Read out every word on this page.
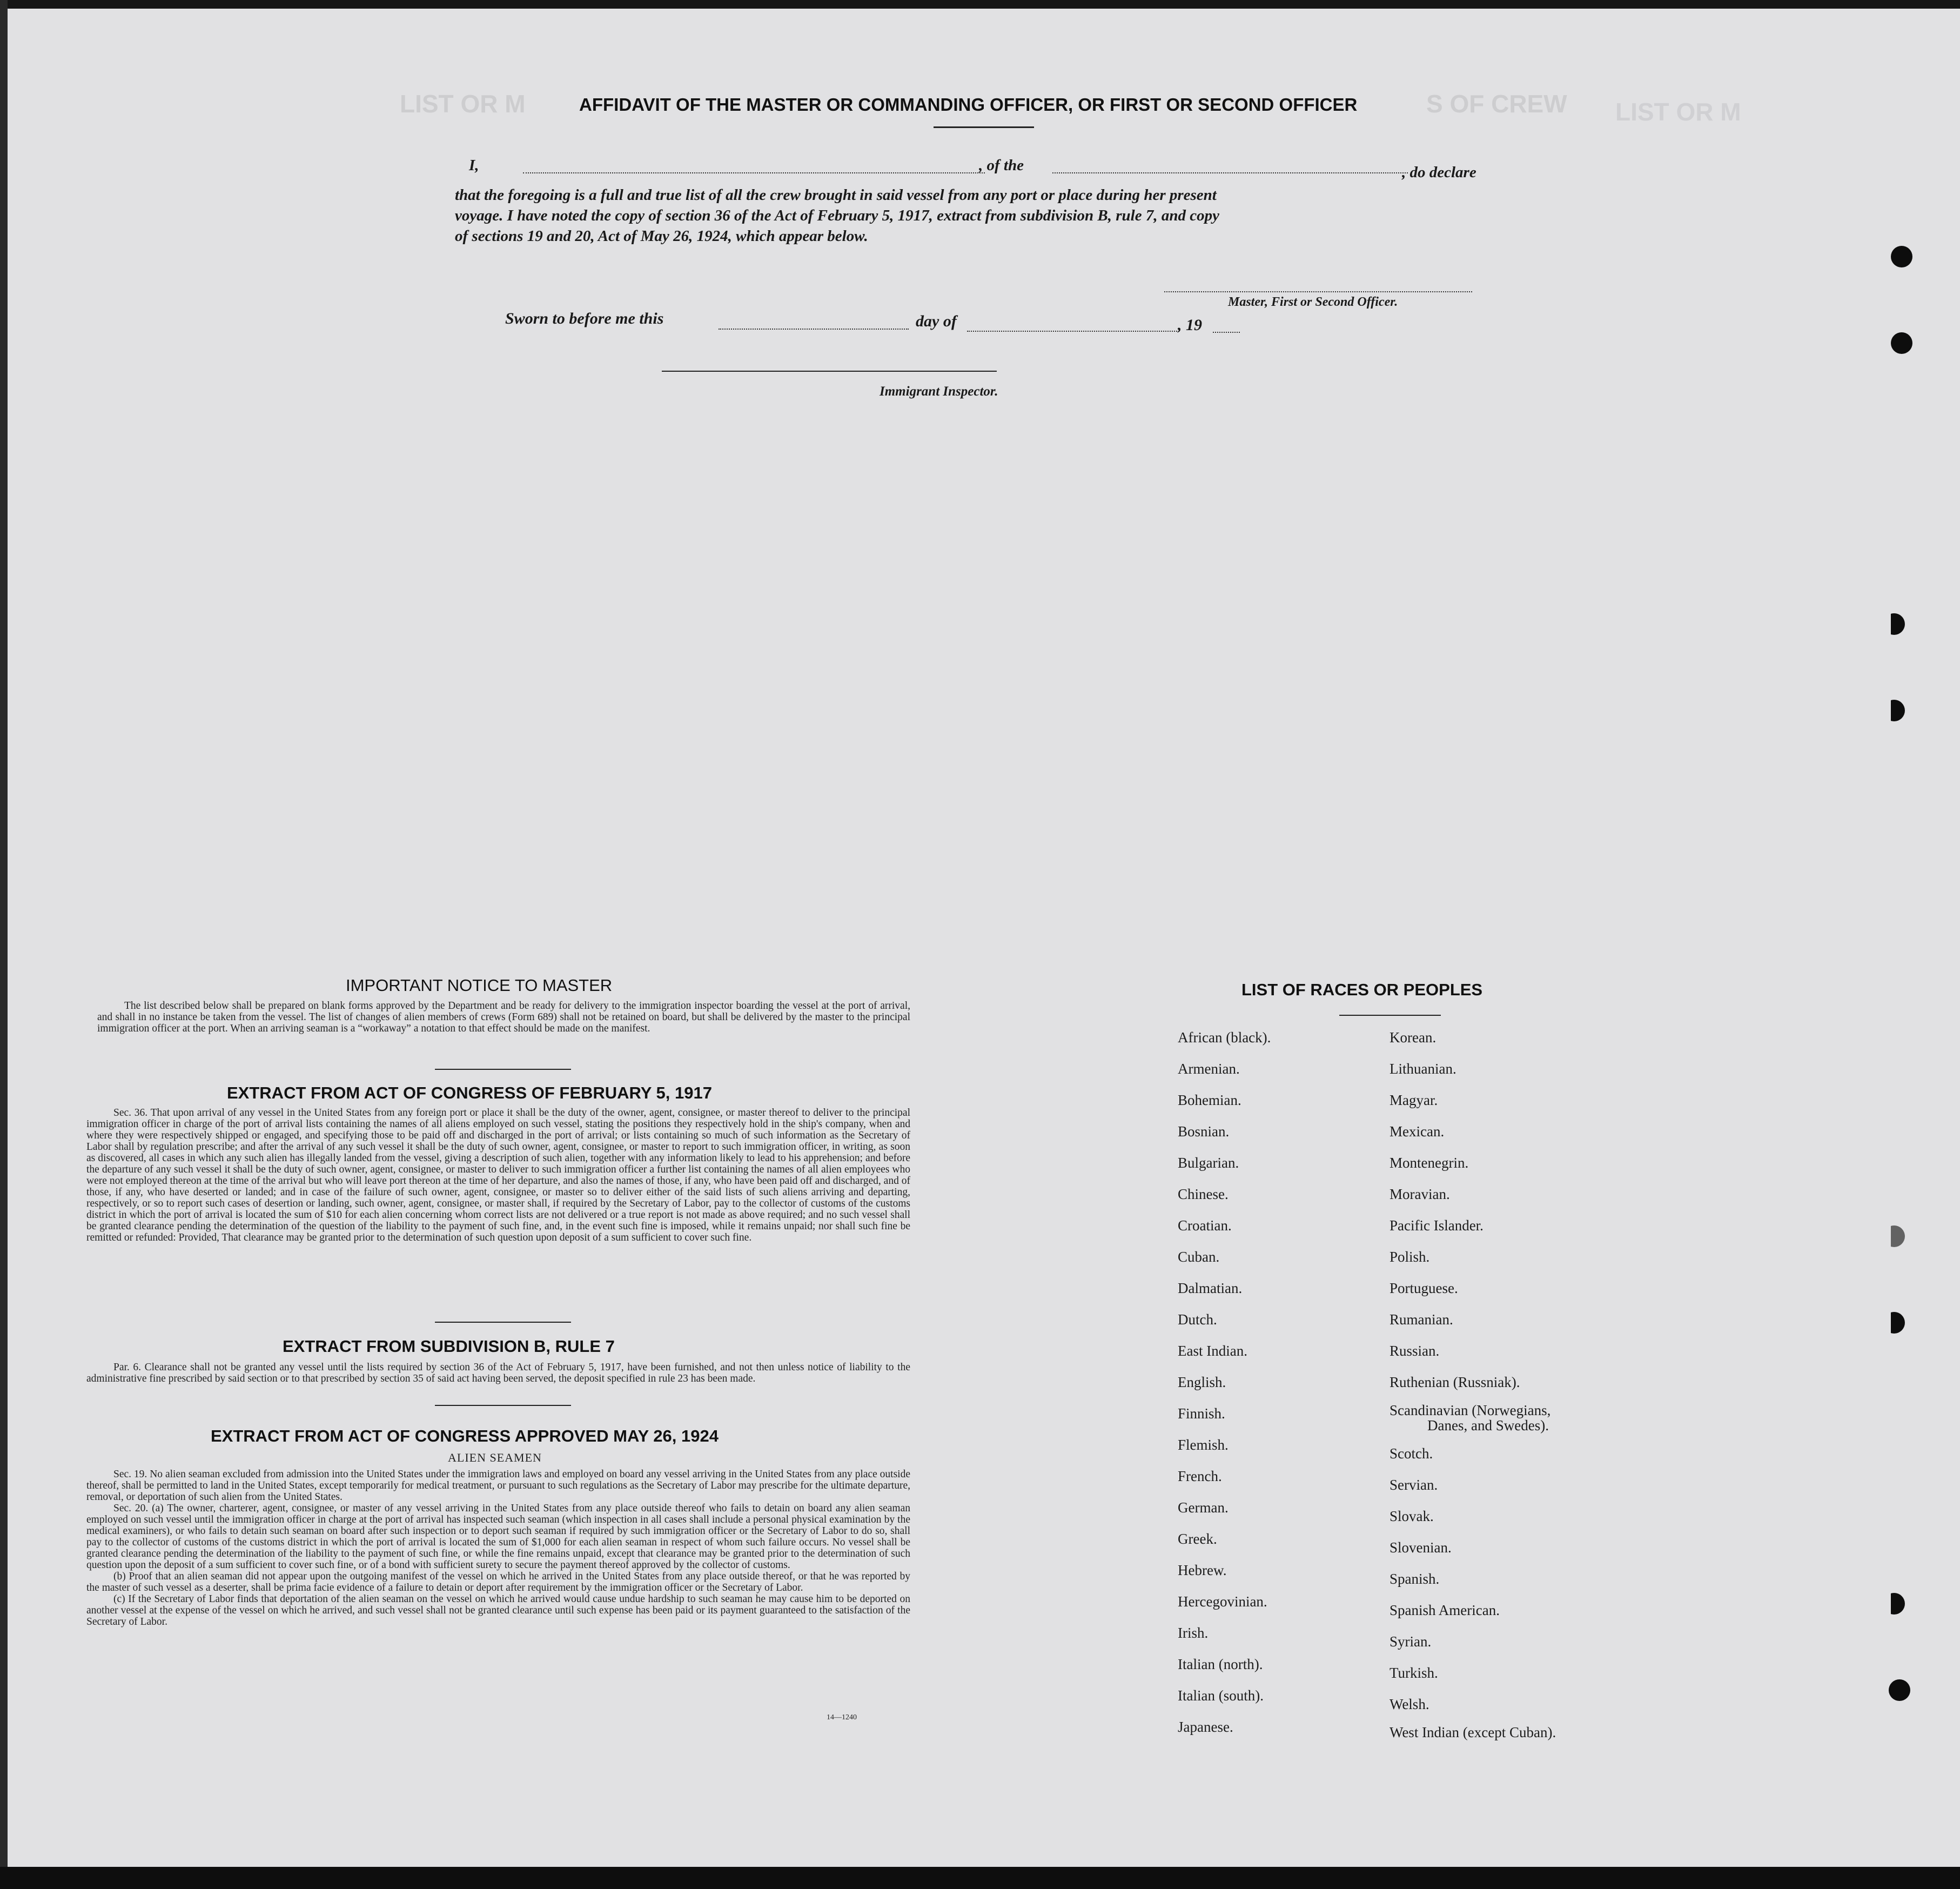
LIST OR M	S OF CREW LIST OR M
AFFIDAVIT OF THE MASTER OR COMMANDING OFFICER, OR FIRST OR SECOND OFFICER
I,	, of the	, do declare
that the foregoing is a full and true list of all the crew brought in said vessel from any port or place during her present
voyage. I have noted the copy of section 36 of the Act of February 5, 1917, extract from subdivision B, rule 7, and copy
of sections 19 and 20, Act of May 26, 1924, which appear below.
Master, First or Second Officer.
Sworn to before me this	day of	, 19
Immigrant Inspector.
IMPORTANT NOTICE TO MASTER

The list described below shall be prepared on blank forms approved by the Department and be ready for delivery to the immigration inspector boarding the vessel at the port of arrival, and shall in no instance be taken from the vessel. The list of changes of alien members of crews (Form 689) shall not be retained on board, but shall be delivered by the master to the principal immigration officer at the port. When an arriving seaman is a “workaway” a notation to that effect should be made on the manifest.

EXTRACT FROM ACT OF CONGRESS OF FEBRUARY 5, 1917

Sec. 36. That upon arrival of any vessel in the United States from any foreign port or place it shall be the duty of the owner, agent, consignee, or master thereof to deliver to the principal immigration officer in charge of the port of arrival lists containing the names of all aliens employed on such vessel, stating the positions they respectively hold in the ship's company, when and where they were respectively shipped or engaged, and specifying those to be paid off and discharged in the port of arrival; or lists containing so much of such information as the Secretary of Labor shall by regulation prescribe; and after the arrival of any such vessel it shall be the duty of such owner, agent, consignee, or master to report to such immigration officer, in writing, as soon as discovered, all cases in which any such alien has illegally landed from the vessel, giving a description of such alien, together with any information likely to lead to his apprehension; and before the departure of any such vessel it shall be the duty of such owner, agent, consignee, or master to deliver to such immigration officer a further list containing the names of all alien employees who were not employed thereon at the time of the arrival but who will leave port thereon at the time of her departure, and also the names of those, if any, who have been paid off and discharged, and of those, if any, who have deserted or landed; and in case of the failure of such owner, agent, consignee, or master so to deliver either of the said lists of such aliens arriving and departing, respectively, or so to report such cases of desertion or landing, such owner, agent, consignee, or master shall, if required by the Secretary of Labor, pay to the collector of customs of the customs district in which the port of arrival is located the sum of $10 for each alien concerning whom correct lists are not delivered or a true report is not made as above required; and no such vessel shall be granted clearance pending the determination of the question of the liability to the payment of such fine, and, in the event such fine is imposed, while it remains unpaid; nor shall such fine be remitted or refunded: Provided, That clearance may be granted prior to the determination of such question upon deposit of a sum sufficient to cover such fine.

EXTRACT FROM SUBDIVISION B, RULE 7

Par. 6. Clearance shall not be granted any vessel until the lists required by section 36 of the Act of February 5, 1917, have been furnished, and not then unless notice of liability to the administrative fine prescribed by said section or to that prescribed by section 35 of said act having been served, the deposit specified in rule 23 has been made.

EXTRACT FROM ACT OF CONGRESS APPROVED MAY 26, 1924
ALIEN SEAMEN

Sec. 19. No alien seaman excluded from admission into the United States under the immigration laws and employed on board any vessel arriving in the United States from any place outside thereof, shall be permitted to land in the United States, except temporarily for medical treatment, or pursuant to such regulations as the Secretary of Labor may prescribe for the ultimate departure, removal, or deportation of such alien from the United States.

Sec. 20. (a) The owner, charterer, agent, consignee, or master of any vessel arriving in the United States from any place outside thereof who fails to detain on board any alien seaman employed on such vessel until the immigration officer in charge at the port of arrival has inspected such seaman (which inspection in all cases shall include a personal physical examination by the medical examiners), or who fails to detain such seaman on board after such inspection or to deport such seaman if required by such immigration officer or the Secretary of Labor to do so, shall pay to the collector of customs of the customs district in which the port of arrival is located the sum of $1,000 for each alien seaman in respect of whom such failure occurs. No vessel shall be granted clearance pending the determination of the liability to the payment of such fine, or while the fine remains unpaid, except that clearance may be granted prior to the determination of such question upon the deposit of a sum sufficient to cover such fine, or of a bond with sufficient surety to secure the payment thereof approved by the collector of customs.

(b) Proof that an alien seaman did not appear upon the outgoing manifest of the vessel on which he arrived in the United States from any place outside thereof, or that he was reported by the master of such vessel as a deserter, shall be prima facie evidence of a failure to detain or deport after requirement by the immigration officer or the Secretary of Labor.

(c) If the Secretary of Labor finds that deportation of the alien seaman on the vessel on which he arrived would cause undue hardship to such seaman he may cause him to be deported on another vessel at the expense of the vessel on which he arrived, and such vessel shall not be granted clearance until such expense has been paid or its payment guaranteed to the satisfaction of the Secretary of Labor.

14—1240
LIST OF RACES OR PEOPLES
African (black).
Armenian.
Bohemian.
Bosnian.
Bulgarian.
Chinese.
Croatian.
Cuban.
Dalmatian.
Dutch.
East Indian.
English.
Finnish.
Flemish.
French.
German.
Greek.
Hebrew.
Hercegovinian.
Irish.
Italian (north).
Italian (south).
Japanese.
Korean.
Lithuanian.
Magyar.
Mexican.
Montenegrin.
Moravian.
Pacific Islander.
Polish.
Portuguese.
Rumanian.
Russian.
Ruthenian (Russniak).
Scandinavian (Norwegians,
Danes, and Swedes).
Scotch.
Servian.
Slovak.
Slovenian.
Spanish.
Spanish American.
Syrian.
Turkish.
Welsh.
West Indian (except Cuban).
